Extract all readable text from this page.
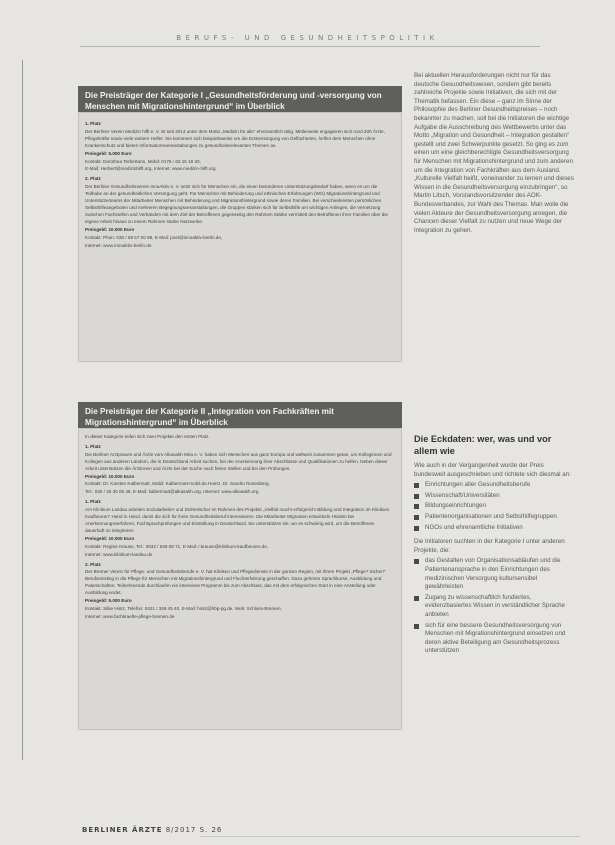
BERUFS- UND GESUNDHEITSPOLITIK
Die Preisträger der Kategorie I „Gesundheitsförderung und -versorgung von Menschen mit Migrationshintergrund“ im Überblick

1. Platz

Der Berliner Verein Medizin hilft e. V. ist seit 2014 unter dem Motto „Medizin für alle“ ehrenamtlich tätig. Mittlerweile engagieren sich rund 200 Ärzte, Pflegekräfte sowie viele weitere Helfer. Sie kümmern sich beispielsweise um die Erstversorgung von Geflüchteten, helfen dem Menschen ohne Krankenschutz und bieten Informationsveranstaltungen zu gesundheitsrelevanten Themen an.

Preisgeld: 5.000 Euro

Kontakt: Dorothea Terbertann, Mobil: 0176 / 63 15 18 33,

E-Mail: Herbert@medizinhilft.org, Internet: www.medizin-hilft.org

2. Platz

Der Berliner Gesundheitsverein InnoAktiv e. V. setzt sich für Menschen ein, die einen besonderen Unterstützungsbedarf haben, wenn es um die Teilhabe an der gesundheitlichen Versorgung geht. Für Menschen mit Behinderung und ethnischen Erfahrungen (WG) Migrationshintergrund und Unterstützerteams der Mitarbeiter Menschen mit Behinderung und Migrationshintergrund sowie deren Familien. Bei verschiedensten persönlichen Selbsthilfeangeboten und mehreren Begegnungsveranstaltungen, die Gruppen stärken sich für Selbsthilfe am wichtigen Anliegen, die Vernetzung zwischen Fachstellen und Verbänden mit dem Ziel der Betroffenen gegenseitig den Rahmen Stärke vermittelt den Betroffenen ihrer Familien über die eigene Arbeit hinaus zu einem Rahmen starke Netzwerke.

Preisgeld: 10.000 Euro

Kontakt: Phon: 030 / 69 57 00 98, E-Mail: post@innoaktiv-berlin.de,

Internet: www.innoaktiv-berlin.de

Die Preisträger der Kategorie II „Integration von Fachkräften mit Migrationshintergrund“ im Überblick

In dieser Kategorie teilen sich zwei Projekte den ersten Platz.

1. Platz

Die Berliner Arztpraxen und Ärzte vom Alkasakh Mira e. V. haben sich Menschen aus ganz Europa und weltweit zusammen getan, um Kolleginnen und Kollegen aus anderen Ländern, die in Deutschland Arbeit suchen, bei der Anerkennung ihrer Abschlüsse und Qualifikationen zu helfen. Neben dieser Arbeit unterstützen die Ärztinnen und Ärzte bei der Suche nach freien Stellen und bei den Prüfungen.

Preisgeld: 10.000 Euro

Kontakt: Dr. Karsten Kalbermatt, Mobil: Kalbermatt-mobil.de.Hoerz, Dr. Sandro Rosenberg,

Tel.: 030 / 26 30 06 46, E-Mail: kalbermatt@alkasakh.org, Internet: www.alkasakh.org

1. Platz

Am Klinikum Landau arbeiten Sozialarbeiter und Dolmetscher im Rahmen des Projekts „Vielfalt macht erfolgreich! Bildung und Integration im Klinikum Kaufbeuren“ Hand in Hand, damit die sich für ihren Gesundheitsberuf interessieren. Die Mitarbeiter Migranten entwickeln Hürden bei Anerkennungsverfahren, Fachsprachprüfungen und Einstellung in Deutschland. Sie unterstützen sie, wo es schwierig wird, um die Betroffenen dauerhaft zu integrieren.

Preisgeld: 10.000 Euro

Kontakt: Regine Krause, Tel.: 0032 / 549 08 71, E-Mail: r.krause@klinikum-kaufbeuren.de,

Internet: www.klinikum-landau.de

2. Platz

Der Bremer Verein für Pflege- und Gesundheitsberufe e. V. hat Kliniken und Pflegedienste in der ganzen Region, mit ihrem Projekt „Pflege? Sicher!“ Berufseinstieg in die Pflege für Menschen mit Migrationshintergrund und Fluchterfahrung geschaffen. Dazu gehören Sprachkurse, Ausbildung und Patenschaften. Teilnehmende durchlaufen ein intensives Programm bis zum Abschluss, das mit dem erfolgreichen Start in eine Anstellung oder Ausbildung endet.

Preisgeld: 5.000 Euro

Kontakt: Silke Hintz, Telefon: 0421 / 349 45 40, E-Mail: hintz@hbp-pg.de, Web: Schloss-Bremen,

Internet: www.fachkraefte-pflege-bremen.de

Bei aktuellen Herausforderungen nicht nur für das deutsche Gesundheitswesen, sondern gibt bereits zahlreiche Projekte sowie Initiativen, die sich mit der Thematik befassen. Ein diese – ganz im Sinne der Philosophie des Berliner Gesundheitspreises – noch bekannter zu machen, soll bei die Initiatoren die wichtige Aufgabe die Ausschreibung des Wettbewerbs unter das Motto „Migration und Gesundheit – Integration gestalten“ gestellt und zwei Schwerpunkte gesetzt. So ging es zum einen um eine gleichberechtigte Gesundheitsversorgung für Menschen mit Migrationshintergrund und zum anderen um die Integration von Fachkräften aus dem Ausland. „Kulturelle Vielfalt heißt, voneinander zu lernen und dieses Wissen in die Gesundheitsversorgung einzubringen“, so Martin Litsch, Vorstandsvorsitzender des AOK-Bundesverbandes, zur Wahl des Themas. Man wolle die vielen Akteure der Gesundheitsversorgung anregen, die Chancen dieser Vielfalt zu nutzen und neue Wege der Integration zu gehen.

Die Eckdaten: wer, was und vor allem wie

Wie auch in der Vergangenheit wurde der Preis bundesweit ausgeschrieben und richtete sich diesmal an:

Einrichtungen aller Gesundheitsberufe
Wissenschaft/Universitäten
Bildungseinrichtungen
Patientenorganisationen und Selbsthilfegruppen
NGOs und ehrenamtliche Initiativen

Die Initiatoren suchten in der Kategorie I unter anderen Projekte, die:

das Gestalten von Organisationsabläufen und die Patientenansprache in den Einrichtungen des medizinischen Versorgung kultursensibel gewährleisten
Zugang zu wissenschaftlich fundiertes, evidenzbasiertes Wissen in verständlicher Sprache anbieten
sich für eine bessere Gesundheitsversorgung von Menschen mit Migrationshintergrund einsetzen und deren aktive Beteiligung am Gesundheitsprozess unterstützen
BERLINER ÄRZTE 8/2017 S. 26
